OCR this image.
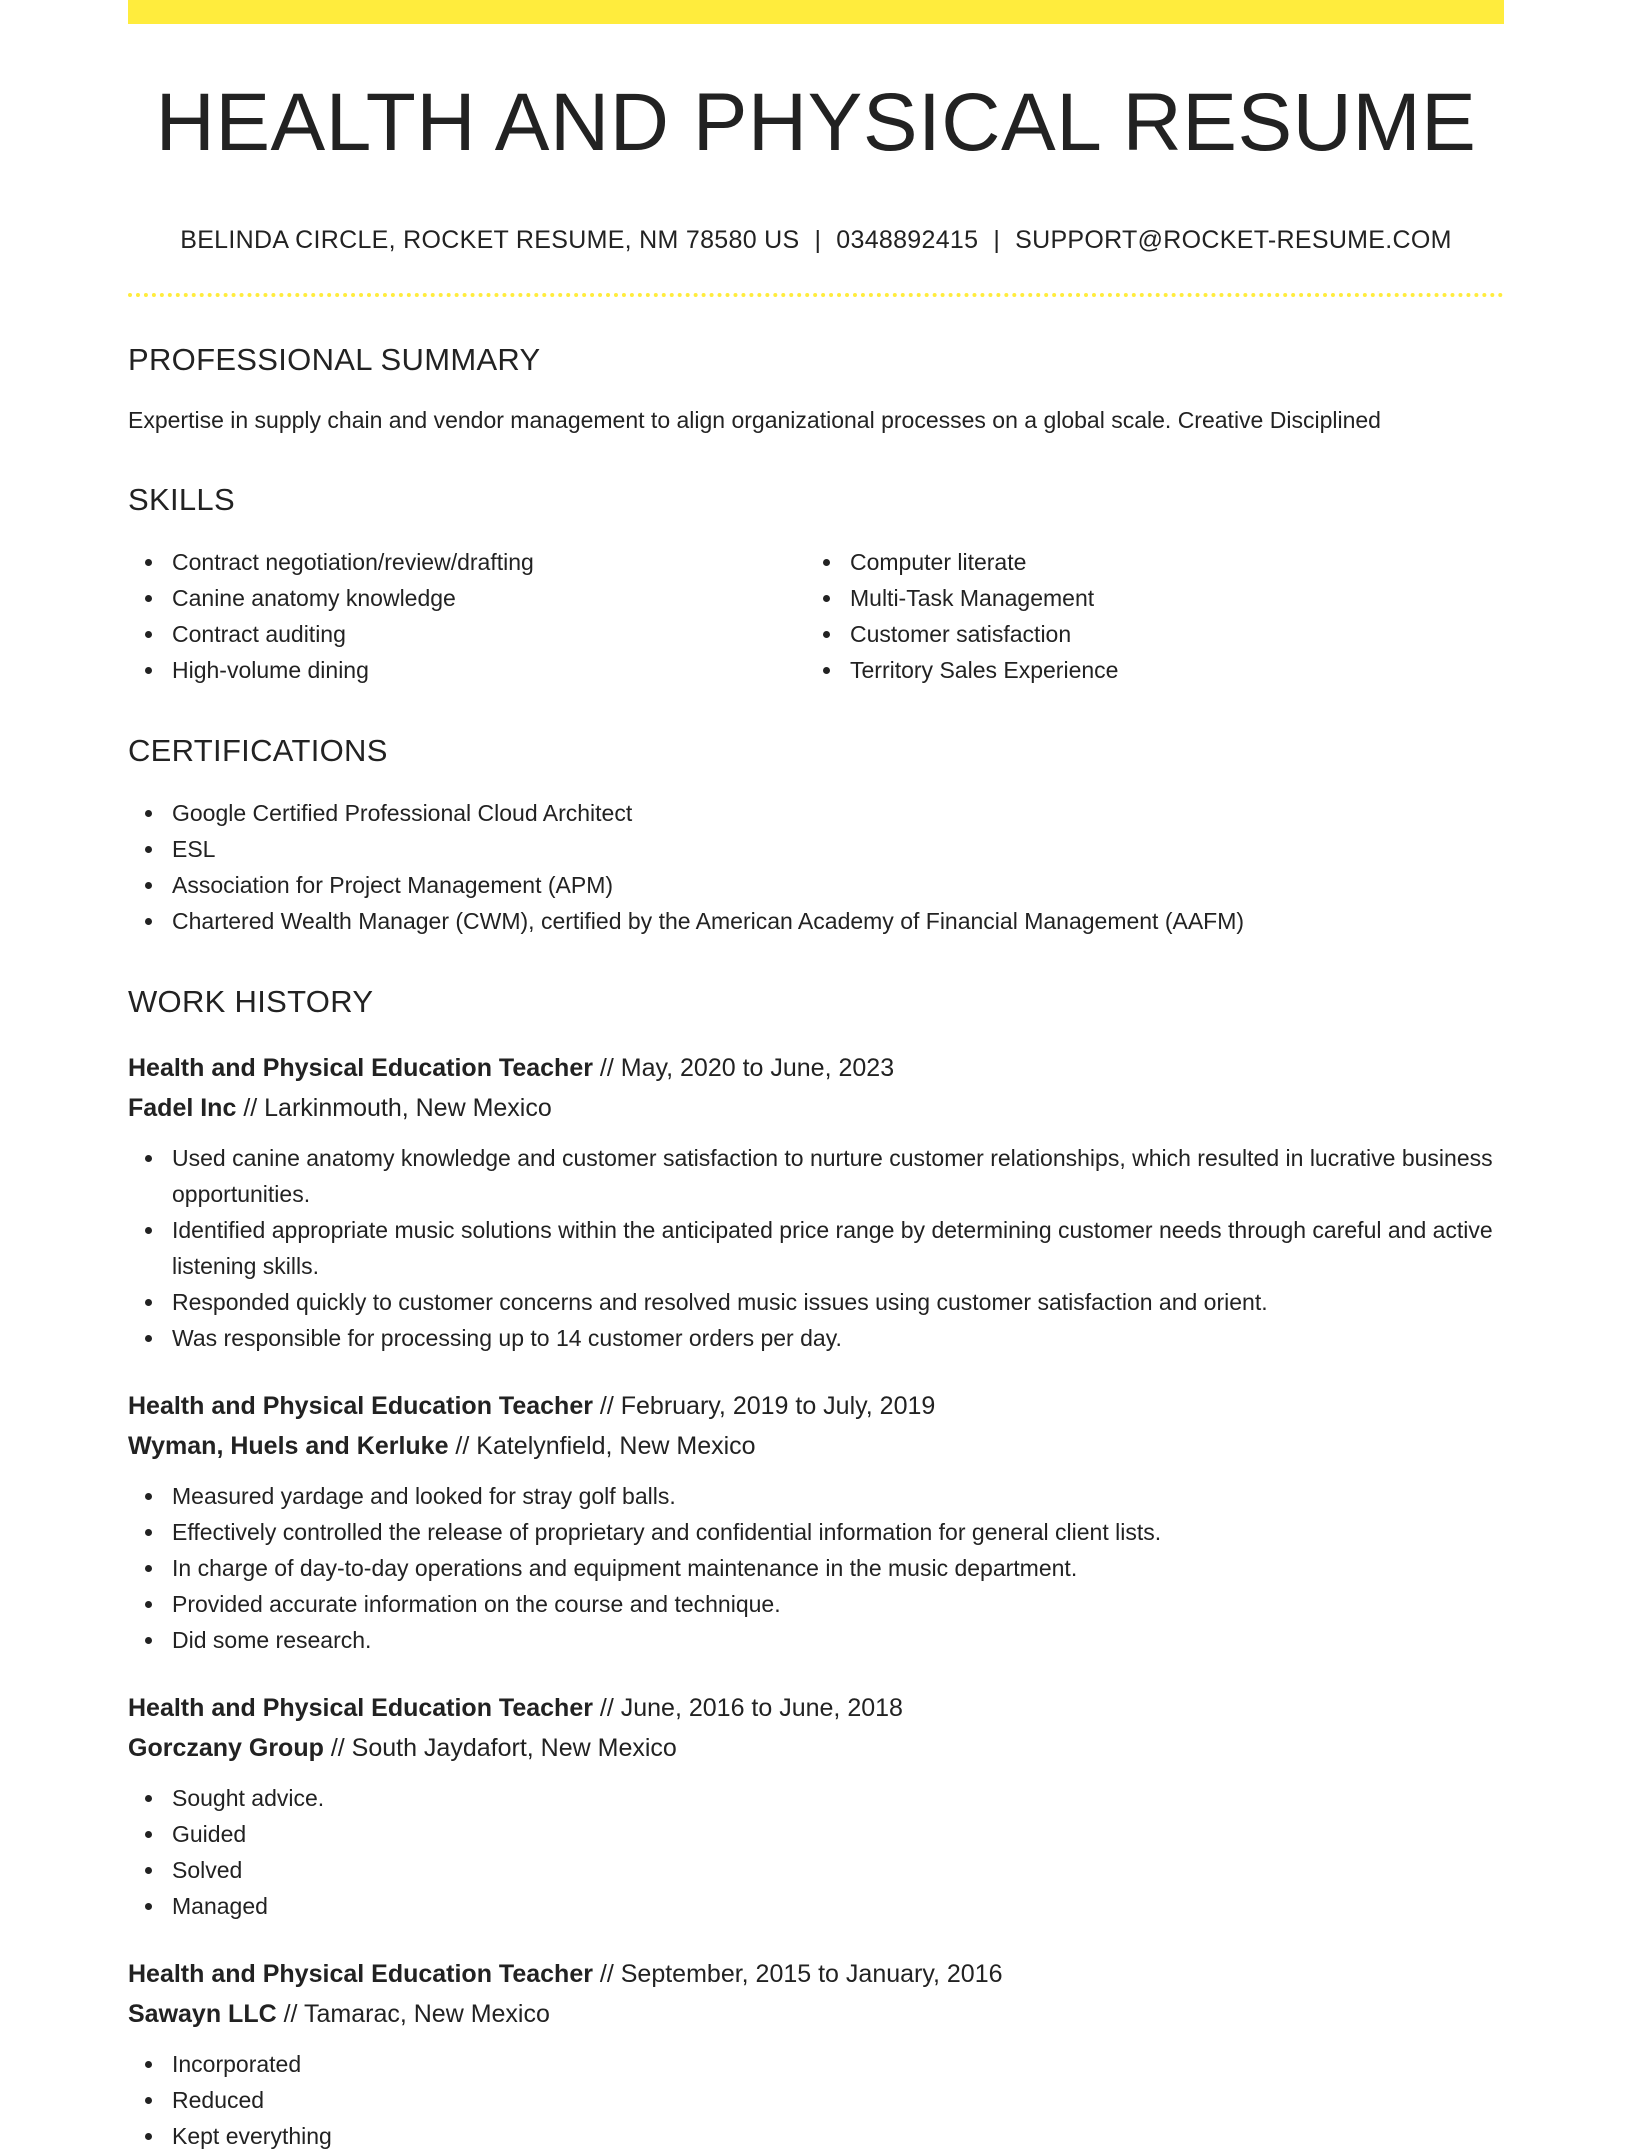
HEALTH AND PHYSICAL RESUME
BELINDA CIRCLE, ROCKET RESUME, NM 78580 US | 0348892415 | SUPPORT@ROCKET-RESUME.COM
PROFESSIONAL SUMMARY

Expertise in supply chain and vendor management to align organizational processes on a global scale. Creative Disciplined

SKILLS
Contract negotiation/review/drafting
Canine anatomy knowledge
Contract auditing
High-volume dining
Computer literate
Multi-Task Management
Customer satisfaction
Territory Sales Experience
CERTIFICATIONS
Google Certified Professional Cloud Architect
ESL
Association for Project Management (APM)
Chartered Wealth Manager (CWM), certified by the American Academy of Financial Management (AAFM)
WORK HISTORY
Health and Physical Education Teacher // May, 2020 to June, 2023
Fadel Inc // Larkinmouth, New Mexico
Used canine anatomy knowledge and customer satisfaction to nurture customer relationships, which resulted in lucrative business opportunities.
Identified appropriate music solutions within the anticipated price range by determining customer needs through careful and active listening skills.
Responded quickly to customer concerns and resolved music issues using customer satisfaction and orient.
Was responsible for processing up to 14 customer orders per day.
Health and Physical Education Teacher // February, 2019 to July, 2019
Wyman, Huels and Kerluke // Katelynfield, New Mexico
Measured yardage and looked for stray golf balls.
Effectively controlled the release of proprietary and confidential information for general client lists.
In charge of day-to-day operations and equipment maintenance in the music department.
Provided accurate information on the course and technique.
Did some research.
Health and Physical Education Teacher // June, 2016 to June, 2018
Gorczany Group // South Jaydafort, New Mexico
Sought advice.
Guided
Solved
Managed
Health and Physical Education Teacher // September, 2015 to January, 2016
Sawayn LLC // Tamarac, New Mexico
Incorporated
Reduced
Kept everything
